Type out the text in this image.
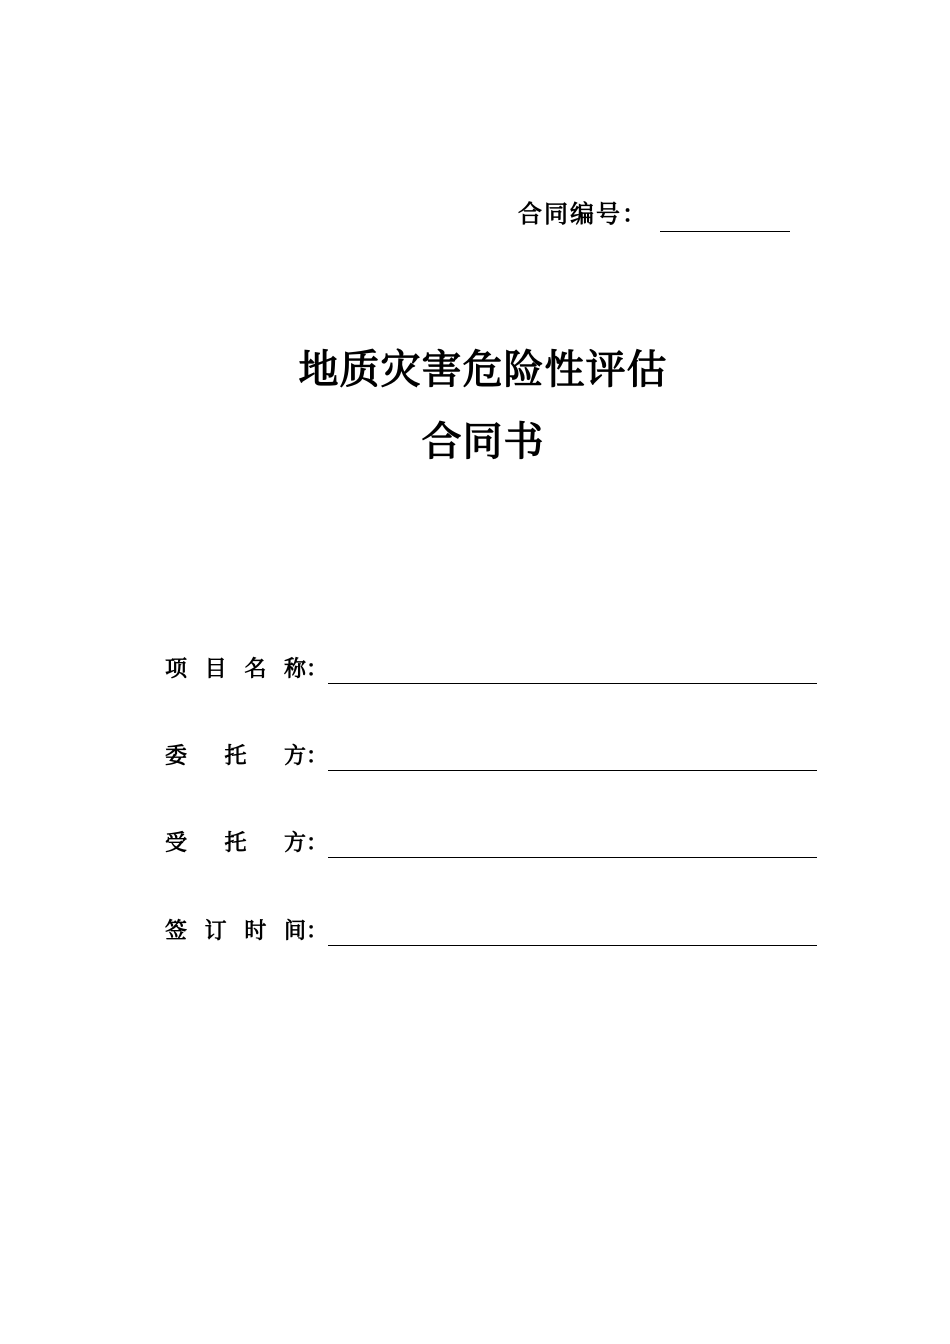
合同编号：
地质灾害危险性评估
合同书
项 目 名 称：
委 托 方：
受 托 方：
签 订 时 间：
